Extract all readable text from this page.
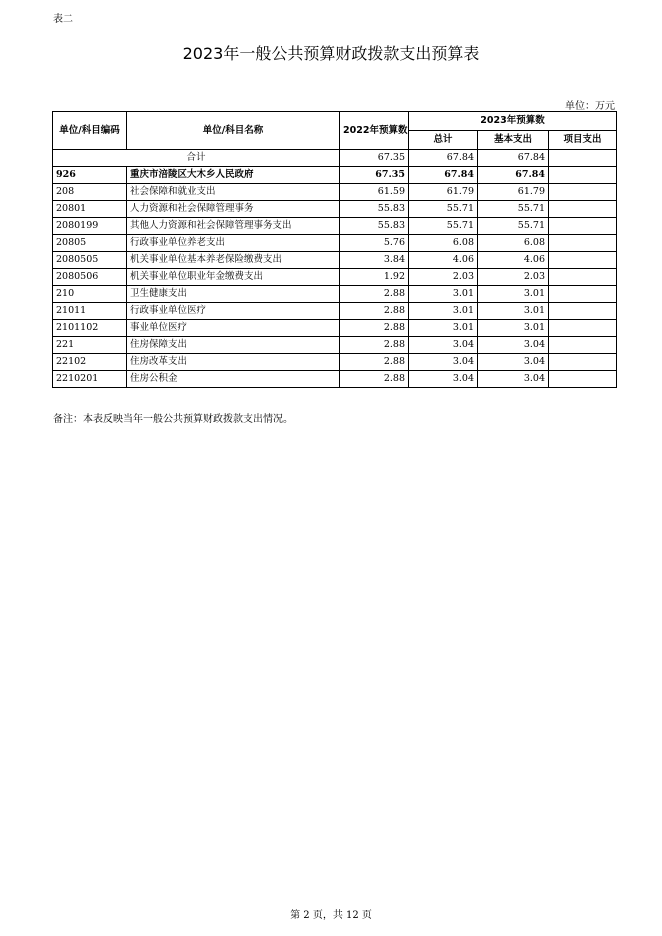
表二
2023年一般公共预算财政拨款支出预算表
单位：万元
单位/科目编码	单位/科目名称	2022年预算数	2023年预算数		
			总计	基本支出	项目支出
合计		67.35	67.84	67.84	
926	重庆市涪陵区大木乡人民政府	67.35	67.84	67.84	
208	社会保障和就业支出	61.59	61.79	61.79	
20801	人力资源和社会保障管理事务	55.83	55.71	55.71	
2080199	其他人力资源和社会保障管理事务支出	55.83	55.71	55.71	
20805	行政事业单位养老支出	5.76	6.08	6.08	
2080505	机关事业单位基本养老保险缴费支出	3.84	4.06	4.06	
2080506	机关事业单位职业年金缴费支出	1.92	2.03	2.03	
210	卫生健康支出	2.88	3.01	3.01	
21011	行政事业单位医疗	2.88	3.01	3.01	
2101102	事业单位医疗	2.88	3.01	3.01	
221	住房保障支出	2.88	3.04	3.04	
22102	住房改革支出	2.88	3.04	3.04	
2210201	住房公积金	2.88	3.04	3.04	
备注：本表反映当年一般公共预算财政拨款支出情况。
第 2 页，共 12 页
